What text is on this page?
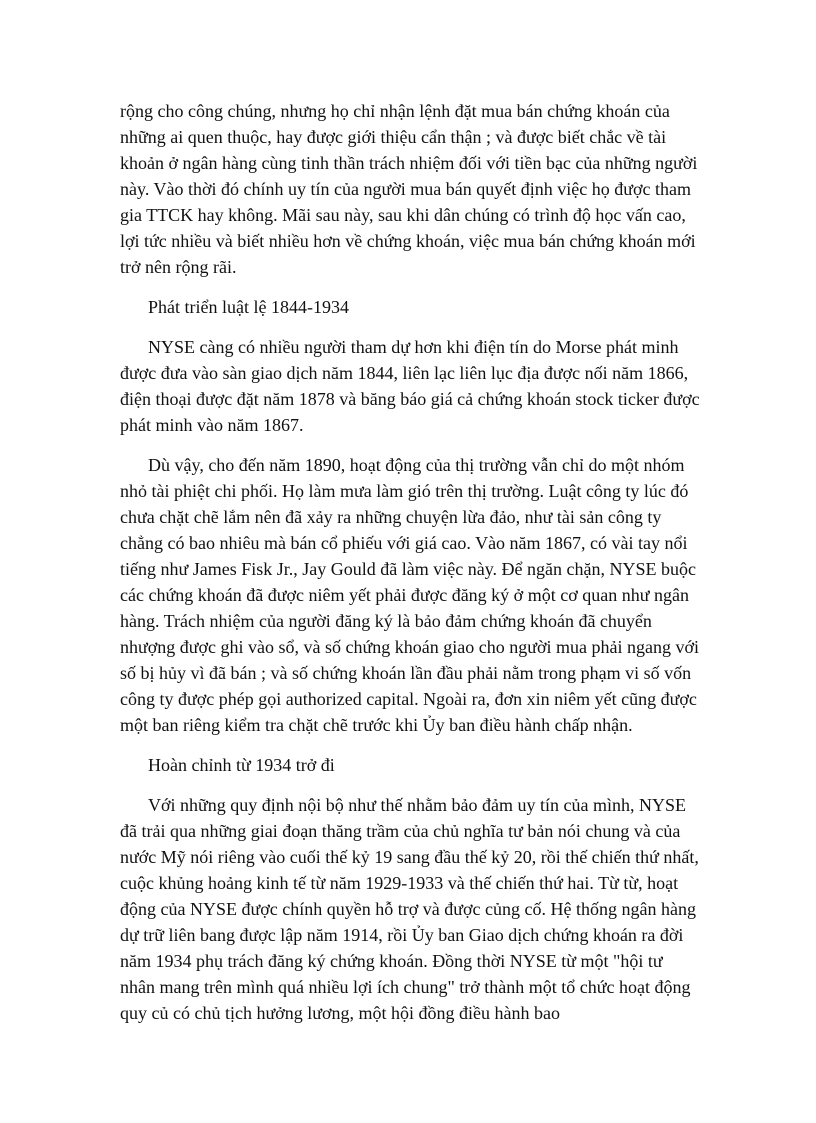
rộng cho công chúng, nhưng họ chỉ nhận lệnh đặt mua bán chứng khoán của những ai quen thuộc, hay được giới thiệu cẩn thận ; và được biết chắc về tài khoản ở ngân hàng cùng tinh thần trách nhiệm đối với tiền bạc của những người này. Vào thời đó chính uy tín của người mua bán quyết định việc họ được tham gia TTCK hay không. Mãi sau này, sau khi dân chúng có trình độ học vấn cao, lợi tức nhiều và biết nhiều hơn về chứng khoán, việc mua bán chứng khoán mới trở nên rộng rãi.

Phát triển luật lệ 1844-1934

NYSE càng có nhiều người tham dự hơn khi điện tín do Morse phát minh được đưa vào sàn giao dịch năm 1844, liên lạc liên lục địa được nối năm 1866, điện thoại được đặt năm 1878 và băng báo giá cả chứng khoán stock ticker được phát minh vào năm 1867.

Dù vậy, cho đến năm 1890, hoạt động của thị trường vẫn chỉ do một nhóm nhỏ tài phiệt chi phối. Họ làm mưa làm gió trên thị trường. Luật công ty lúc đó chưa chặt chẽ lắm nên đã xảy ra những chuyện lừa đảo, như tài sản công ty chẳng có bao nhiêu mà bán cổ phiếu với giá cao. Vào năm 1867, có vài tay nổi tiếng như James Fisk Jr., Jay Gould đã làm việc này. Để ngăn chặn, NYSE buộc các chứng khoán đã được niêm yết phải được đăng ký ở một cơ quan như ngân hàng. Trách nhiệm của người đăng ký là bảo đảm chứng khoán đã chuyển nhượng được ghi vào sổ, và số chứng khoán giao cho người mua phải ngang với số bị hủy vì đã bán ; và số chứng khoán lần đầu phải nằm trong phạm vi số vốn công ty được phép gọi authorized capital. Ngoài ra, đơn xin niêm yết cũng được một ban riêng kiểm tra chặt chẽ trước khi Ủy ban điều hành chấp nhận.

Hoàn chỉnh từ 1934 trở đi

Với những quy định nội bộ như thế nhằm bảo đảm uy tín của mình, NYSE đã trải qua những giai đoạn thăng trầm của chủ nghĩa tư bản nói chung và của nước Mỹ nói riêng vào cuối thế kỷ 19 sang đầu thế kỷ 20, rồi thế chiến thứ nhất, cuộc khủng hoảng kinh tế từ năm 1929-1933 và thế chiến thứ hai. Từ từ, hoạt động của NYSE được chính quyền hỗ trợ và được củng cố. Hệ thống ngân hàng dự trữ liên bang được lập năm 1914, rồi Ủy ban Giao dịch chứng khoán ra đời năm 1934 phụ trách đăng ký chứng khoán. Đồng thời NYSE từ một "hội tư nhân mang trên mình quá nhiều lợi ích chung" trở thành một tổ chức hoạt động quy củ có chủ tịch hưởng lương, một hội đồng điều hành bao
